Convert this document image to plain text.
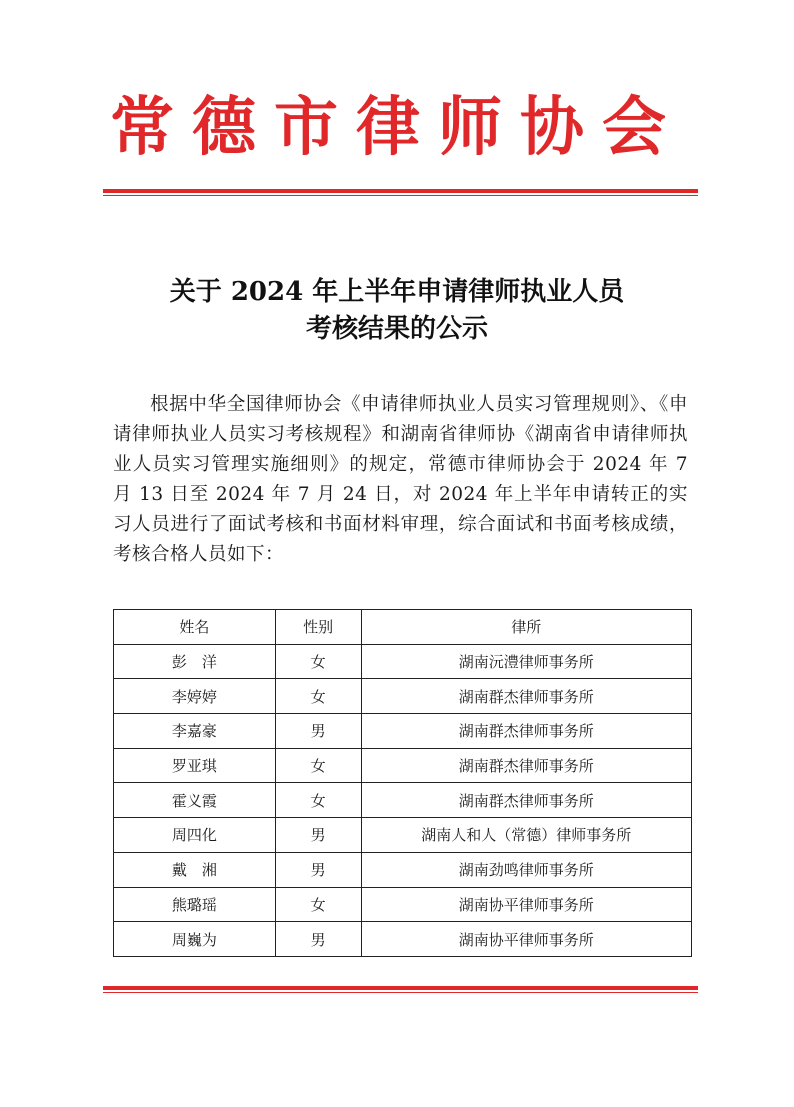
常德市律师协会
关于 2024 年上半年申请律师执业人员
考核结果的公示
根据中华全国律师协会《申请律师执业人员实习管理规则》、《申请律师执业人员实习考核规程》和湖南省律师协《湖南省申请律师执业人员实习管理实施细则》的规定，常德市律师协会于 2024 年 7 月 13 日至 2024 年 7 月 24 日，对 2024 年上半年申请转正的实习人员进行了面试考核和书面材料审理，综合面试和书面考核成绩，考核合格人员如下：
姓名	性别	律所
彭　洋	女	湖南沅澧律师事务所
李婷婷	女	湖南群杰律师事务所
李嘉豪	男	湖南群杰律师事务所
罗亚琪	女	湖南群杰律师事务所
霍义霞	女	湖南群杰律师事务所
周四化	男	湖南人和人（常德）律师事务所
戴　湘	男	湖南劲鸣律师事务所
熊璐瑶	女	湖南协平律师事务所
周巍为	男	湖南协平律师事务所
